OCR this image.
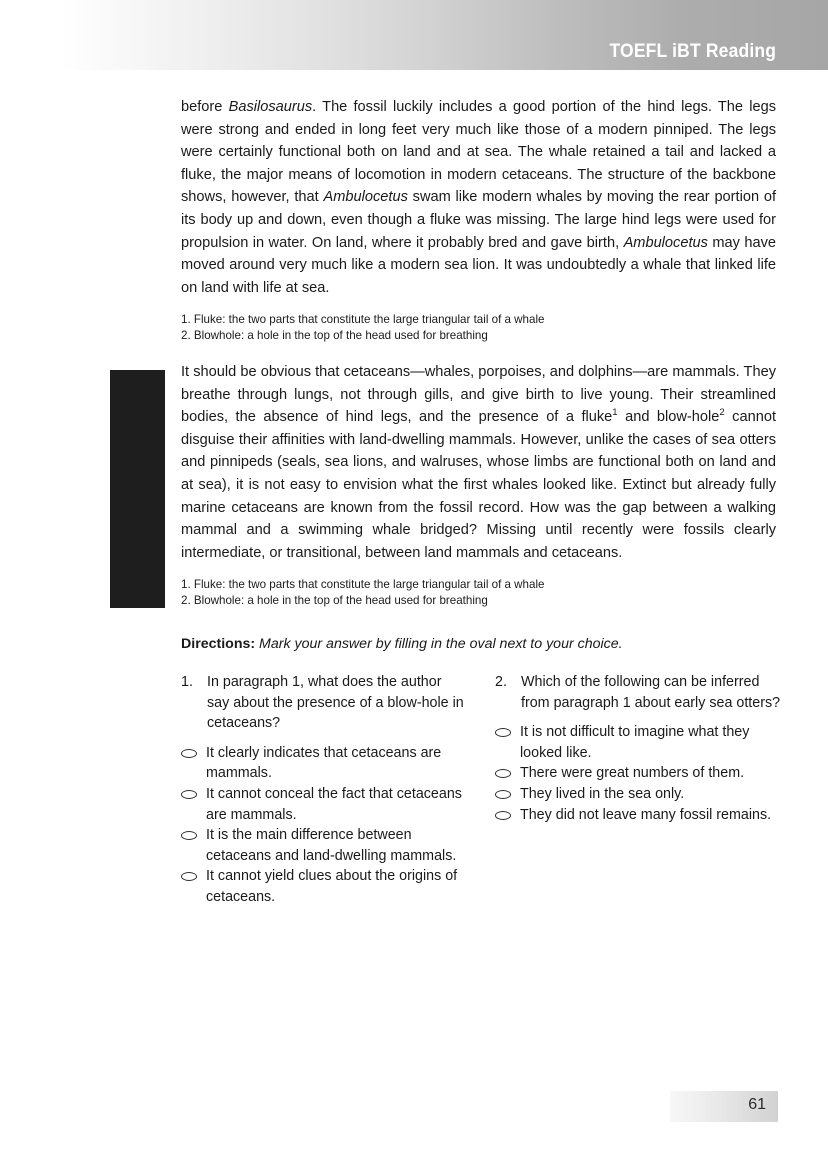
TOEFL iBT Reading

before Basilosaurus. The fossil luckily includes a good portion of the hind legs. The legs were strong and ended in long feet very much like those of a modern pinniped. The legs were certainly functional both on land and at sea. The whale retained a tail and lacked a fluke, the major means of locomotion in modern cetaceans. The structure of the backbone shows, however, that Ambulocetus swam like modern whales by moving the rear portion of its body up and down, even though a fluke was missing. The large hind legs were used for propulsion in water. On land, where it probably bred and gave birth, Ambulocetus may have moved around very much like a modern sea lion. It was undoubtedly a whale that linked life on land with life at sea.

1. Fluke: the two parts that constitute the large triangular tail of a whale
2. Blowhole: a hole in the top of the head used for breathing

It should be obvious that cetaceans—whales, porpoises, and dolphins—are mammals. They breathe through lungs, not through gills, and give birth to live young. Their streamlined bodies, the absence of hind legs, and the presence of a fluke$^1$ and blow-hole$^2$ cannot disguise their affinities with land-dwelling mammals. However, unlike the cases of sea otters and pinnipeds (seals, sea lions, and walruses, whose limbs are functional both on land and at sea), it is not easy to envision what the first whales looked like. Extinct but already fully marine cetaceans are known from the fossil record. How was the gap between a walking mammal and a swimming whale bridged? Missing until recently were fossils clearly intermediate, or transitional, between land mammals and cetaceans.

1. Fluke: the two parts that constitute the large triangular tail of a whale
2. Blowhole: a hole in the top of the head used for breathing
Directions: Mark your answer by filling in the oval next to your choice.
1. In paragraph 1, what does the author say about the presence of a blow-hole in cetaceans?
It clearly indicates that cetaceans are mammals.
It cannot conceal the fact that cetaceans are mammals.
It is the main difference between cetaceans and land-dwelling mammals.
It cannot yield clues about the origins of cetaceans.
2. Which of the following can be inferred from paragraph 1 about early sea otters?
It is not difficult to imagine what they looked like.
There were great numbers of them.
They lived in the sea only.
They did not leave many fossil remains.
61
